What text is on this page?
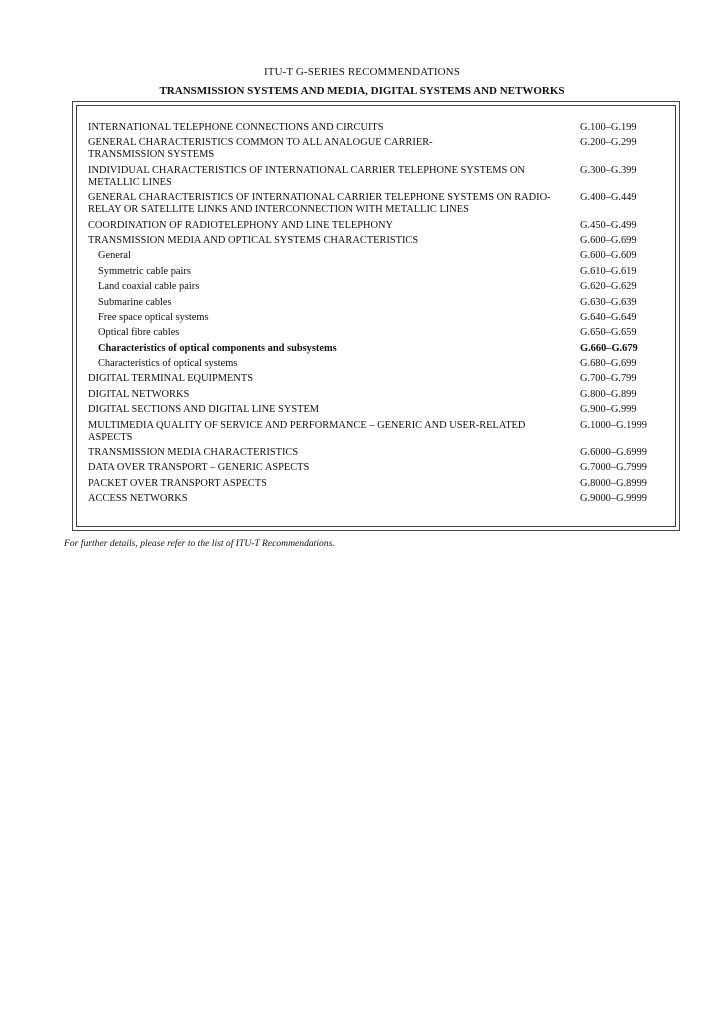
ITU-T G-SERIES RECOMMENDATIONS
TRANSMISSION SYSTEMS AND MEDIA, DIGITAL SYSTEMS AND NETWORKS
INTERNATIONAL TELEPHONE CONNECTIONS AND CIRCUITS	G.100–G.199
GENERAL CHARACTERISTICS COMMON TO ALL ANALOGUE CARRIER-TRANSMISSION SYSTEMS
G.200–G.299
INDIVIDUAL CHARACTERISTICS OF INTERNATIONAL CARRIER TELEPHONE SYSTEMS ON METALLIC LINES
G.300–G.399
GENERAL CHARACTERISTICS OF INTERNATIONAL CARRIER TELEPHONE SYSTEMS ON RADIO-RELAY OR SATELLITE LINKS AND INTERCONNECTION WITH METALLIC LINES
G.400–G.449
COORDINATION OF RADIOTELEPHONY AND LINE TELEPHONY	G.450–G.499
TRANSMISSION MEDIA AND OPTICAL SYSTEMS CHARACTERISTICS	G.600–G.699
General	G.600–G.609
Symmetric cable pairs	G.610–G.619
Land coaxial cable pairs	G.620–G.629
Submarine cables	G.630–G.639
Free space optical systems	G.640–G.649
Optical fibre cables	G.650–G.659
Characteristics of optical components and subsystems	G.660–G.679
Characteristics of optical systems	G.680–G.699
DIGITAL TERMINAL EQUIPMENTS	G.700–G.799
DIGITAL NETWORKS	G.800–G.899
DIGITAL SECTIONS AND DIGITAL LINE SYSTEM	G.900–G.999
MULTIMEDIA QUALITY OF SERVICE AND PERFORMANCE – GENERIC AND USER-RELATED ASPECTS
G.1000–G.1999
TRANSMISSION MEDIA CHARACTERISTICS	G.6000–G.6999
DATA OVER TRANSPORT – GENERIC ASPECTS	G.7000–G.7999
PACKET OVER TRANSPORT ASPECTS	G.8000–G.8999
ACCESS NETWORKS	G.9000–G.9999
For further details, please refer to the list of ITU-T Recommendations.
